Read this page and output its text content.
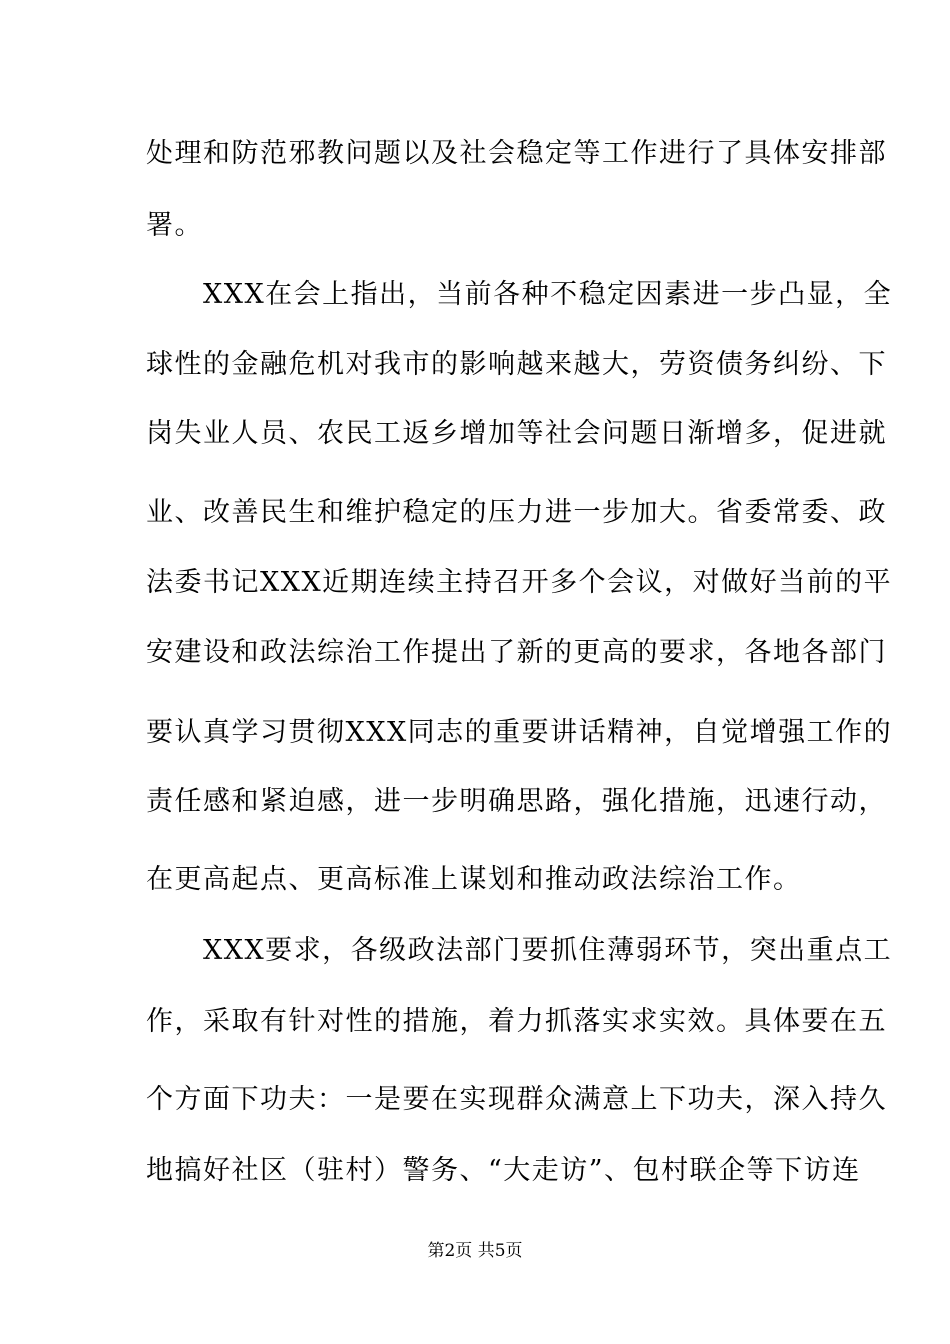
处理和防范邪教问题以及社会稳定等工作进行了具体安排部
署。
　　XXX在会上指出，当前各种不稳定因素进一步凸显，全
球性的金融危机对我市的影响越来越大，劳资债务纠纷、下
岗失业人员、农民工返乡增加等社会问题日渐增多，促进就
业、改善民生和维护稳定的压力进一步加大。省委常委、政
法委书记XXX近期连续主持召开多个会议，对做好当前的平
安建设和政法综治工作提出了新的更高的要求，各地各部门
要认真学习贯彻XXX同志的重要讲话精神，自觉增强工作的
责任感和紧迫感，进一步明确思路，强化措施，迅速行动，
在更高起点、更高标准上谋划和推动政法综治工作。
　　XXX要求，各级政法部门要抓住薄弱环节，突出重点工
作，采取有针对性的措施，着力抓落实求实效。具体要在五
个方面下功夫：一是要在实现群众满意上下功夫，深入持久
地搞好社区（驻村）警务、“大走访”、包村联企等下访连
第2页 共5页
